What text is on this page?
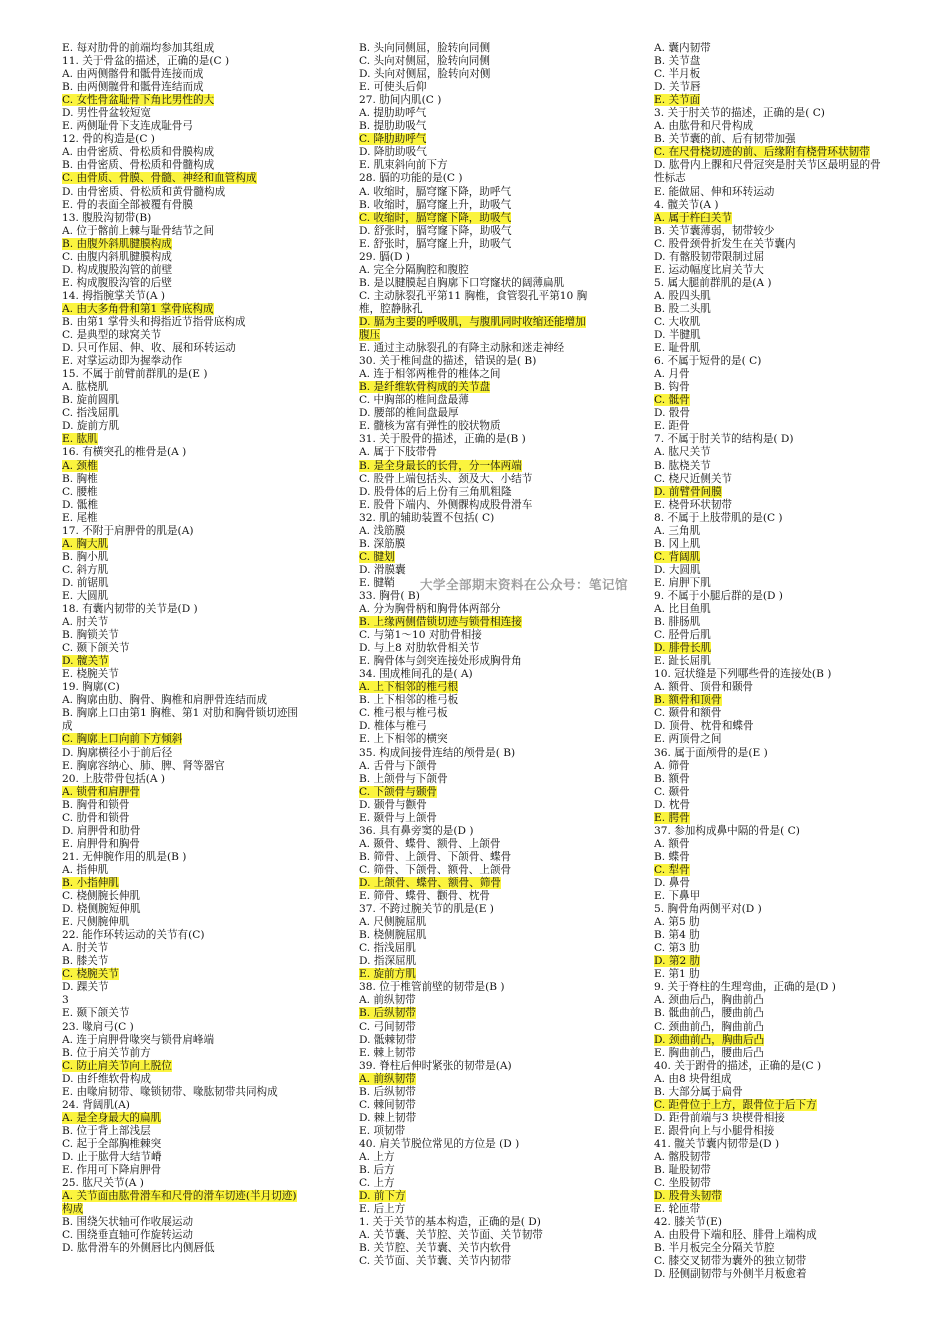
E. 每对肋骨的前端均参加其组成
11. 关于骨盆的描述，正确的是(C )
A. 由两侧髂骨和骶骨连接而成
B. 由两侧髋骨和骶骨连结而成
C. 女性骨盆耻骨下角比男性的大
D. 男性骨盆较短宽
E. 两侧耻骨下支连成耻骨弓
12. 骨的构造是(C )
A. 由骨密质、骨松质和骨膜构成
B. 由骨密质、骨松质和骨髓构成
C. 由骨质、骨膜、骨髓、神经和血管构成
D. 由骨密质、骨松质和黄骨髓构成
E. 骨的表面全部被覆有骨膜
13. 腹股沟韧带(B)
A. 位于髂前上棘与耻骨结节之间
B. 由腹外斜肌腱膜构成
C. 由腹内斜肌腱膜构成
D. 构成腹股沟管的前壁
E. 构成腹股沟管的后壁
14. 拇指腕掌关节(A )
A. 由大多角骨和第1 掌骨底构成
B. 由第1 掌骨头和拇指近节指骨底构成
C. 是典型的球窝关节
D. 只可作屈、伸、收、展和环转运动
E. 对掌运动即为握拳动作
15. 不属于前臂前群肌的是(E )
A. 肱桡肌
B. 旋前圆肌
C. 指浅屈肌
D. 旋前方肌
E. 肱肌
16. 有横突孔的椎骨是(A )
A. 颈椎
B. 胸椎
C. 腰椎
D. 骶椎
E. 尾椎
17. 不附于肩胛骨的肌是(A)
A. 胸大肌
B. 胸小肌
C. 斜方肌
D. 前锯肌
E. 大圆肌
18. 有囊内韧带的关节是(D )
A. 肘关节
B. 胸锁关节
C. 颞下颌关节
D. 髋关节
E. 桡腕关节
19. 胸廓(C)
A. 胸廓由肋、胸骨、胸椎和肩胛骨连结而成
B. 胸廓上口由第1 胸椎、第1 对肋和胸骨锁切迹围成
C. 胸廓上口向前下方倾斜
D. 胸廓横径小于前后径
E. 胸廓容纳心、肺、脾、肾等器官
20. 上肢带骨包括(A )
A. 锁骨和肩胛骨
B. 胸骨和锁骨
C. 肋骨和锁骨
D. 肩胛骨和肋骨
E. 肩胛骨和胸骨
21. 无伸腕作用的肌是(B )
A. 指伸肌
B. 小指伸肌
C. 桡侧腕长伸肌
D. 桡侧腕短伸肌
E. 尺侧腕伸肌
22. 能作环转运动的关节有(C)
A. 肘关节
B. 膝关节
C. 桡腕关节
D. 踝关节
3
E. 颞下颌关节
23. 喙肩弓(C )
A. 连于肩胛骨喙突与锁骨肩峰端
B. 位于肩关节前方
C. 防止肩关节向上脱位
D. 由纤维软骨构成
E. 由喙肩韧带、喙锁韧带、喙肱韧带共同构成
24. 背阔肌(A)
A. 是全身最大的扁肌
B. 位于背上部浅层
C. 起于全部胸椎棘突
D. 止于肱骨大结节嵴
E. 作用可下降肩胛骨
25. 肱尺关节(A )
A. 关节面由肱骨滑车和尺骨的滑车切迹(半月切迹)构成
B. 围绕矢状轴可作收展运动
C. 围绕垂直轴可作旋转运动
D. 肱骨滑车的外侧唇比内侧唇低
B. 头向同侧屈，脸转向同侧
C. 头向对侧屈，脸转向同侧
D. 头向对侧屈，脸转向对侧
E. 可使头后仰
27. 肋间内肌(C )
A. 提肋助呼气
B. 提肋助吸气
C. 降肋助呼气
D. 降肋助吸气
E. 肌束斜向前下方
28. 膈的功能的是(C )
A. 收缩时，膈穹窿下降，助呼气
B. 收缩时，膈穹窿上升，助吸气
C. 收缩时，膈穹窿下降，助吸气
D. 舒张时，膈穹窿下降，助吸气
E. 舒张时，膈穹窿上升，助吸气
29. 膈(D )
A. 完全分隔胸腔和腹腔
B. 是以腱膜起自胸廓下口穹窿状的阔薄扁肌
C. 主动脉裂孔平第11 胸椎，食管裂孔平第10 胸椎，腔静脉孔
D. 膈为主要的呼吸肌，与腹肌同时收缩还能增加腹压
E. 通过主动脉裂孔的有降主动脉和迷走神经
30. 关于椎间盘的描述，错误的是( B)
A. 连于相邻两椎骨的椎体之间
B. 是纤维软骨构成的关节盘
C. 中胸部的椎间盘最薄
D. 腰部的椎间盘最厚
E. 髓核为富有弹性的胶状物质
31. 关于股骨的描述，正确的是(B )
A. 属于下肢带骨
B. 是全身最长的长骨，分一体两端
C. 股骨上端包括头、颈及大、小结节
D. 股骨体的后上份有三角肌粗隆
E. 股骨下端内、外侧髁构成股骨滑车
32. 肌的辅助装置不包括( C)
A. 浅筋膜
B. 深筋膜
C. 腱划
D. 滑膜囊
E. 腱鞘
33. 胸骨( B)
A. 分为胸骨柄和胸骨体两部分
B. 上缘两侧借锁切迹与锁骨相连接
C. 与第1～10 对肋骨相接
D. 与上8 对肋软骨相关节
E. 胸骨体与剑突连接处形成胸骨角
34. 围成椎间孔的是( A)
A. 上下相邻的椎弓根
B. 上下相邻的椎弓板
C. 椎弓根与椎弓板
D. 椎体与椎弓
E. 上下相邻的横突
35. 构成间接骨连结的颅骨是( B)
A. 舌骨与下颌骨
B. 上颌骨与下颌骨
C. 下颌骨与颞骨
D. 颞骨与颧骨
E. 颞骨与上颌骨
36. 具有鼻旁窦的是(D )
A. 颞骨、蝶骨、额骨、上颌骨
B. 筛骨、上颌骨、下颌骨、蝶骨
C. 筛骨、下颌骨、额骨、上颌骨
D. 上颌骨、蝶骨、额骨、筛骨
E. 筛骨、蝶骨、颧骨、枕骨
37. 不跨过腕关节的肌是(E )
A. 尺侧腕屈肌
B. 桡侧腕屈肌
C. 指浅屈肌
D. 指深屈肌
E. 旋前方肌
38. 位于椎管前壁的韧带是(B )
A. 前纵韧带
B. 后纵韧带
C. 弓间韧带
D. 骶棘韧带
E. 棘上韧带
39. 脊柱后伸时紧张的韧带是(A)
A. 前纵韧带
B. 后纵韧带
C. 棘间韧带
D. 棘上韧带
E. 项韧带
40. 肩关节脱位常见的方位是 (D )
A. 上方
B. 后方
C. 上方
D. 前下方
E. 后上方
1. 关于关节的基本构造，正确的是( D)
A. 关节囊、关节腔、关节面、关节韧带
B. 关节腔、关节囊、关节内软骨
C. 关节面、关节囊、关节内韧带
A. 囊内韧带
B. 关节盘
C. 半月板
D. 关节唇
E. 关节面
3. 关于肘关节的描述，正确的是( C)
A. 由肱骨和尺骨构成
B. 关节囊的前、后有韧带加强
C. 在尺骨桡切迹的前、后缘附有桡骨环状韧带
D. 肱骨内上髁和尺骨冠突是肘关节区最明显的骨性标志
E. 能做屈、伸和环转运动
4. 髋关节(A )
A. 属于杵臼关节
B. 关节囊薄弱，韧带较少
C. 股骨颈骨折发生在关节囊内
D. 有髂股韧带限制过屈
E. 运动幅度比肩关节大
5. 属大腿前群肌的是(A )
A. 股四头肌
B. 股二头肌
C. 大收肌
D. 半腱肌
E. 耻骨肌
6. 不属于短骨的是( C)
A. 月骨
B. 钩骨
C. 骶骨
D. 骰骨
E. 距骨
7. 不属于肘关节的结构是( D)
A. 肱尺关节
B. 肱桡关节
C. 桡尺近侧关节
D. 前臂骨间膜
E. 桡骨环状韧带
8. 不属于上肢带肌的是(C )
A. 三角肌
B. 冈上肌
C. 背阔肌
D. 大圆肌
E. 肩胛下肌
9. 不属于小腿后群的是(D )
A. 比目鱼肌
B. 腓肠肌
C. 胫骨后肌
D. 腓骨长肌
E. 趾长屈肌
10. 冠状缝是下列哪些骨的连接处(B )
A. 额骨、顶骨和颞骨
B. 额骨和顶骨
C. 颞骨和额骨
D. 顶骨、枕骨和蝶骨
E. 两顶骨之间
36. 属于面颅骨的是(E )
A. 筛骨
B. 额骨
C. 颞骨
D. 枕骨
E. 腭骨
37. 参加构成鼻中隔的骨是( C)
A. 额骨
B. 蝶骨
C. 犁骨
D. 鼻骨
E. 下鼻甲
5. 胸骨角两侧平对(D )
A. 第5 肋
B. 第4 肋
C. 第3 肋
D. 第2 肋
E. 第1 肋
9. 关于脊柱的生理弯曲，正确的是(D )
A. 颈曲后凸，胸曲前凸
B. 骶曲前凸，腰曲前凸
C. 颈曲前凸，胸曲前凸
D. 颈曲前凸，胸曲后凸
E. 胸曲前凸，腰曲后凸
40. 关于跗骨的描述，正确的是(C )
A. 由8 块骨组成
B. 大部分属于扁骨
C. 距骨位于上方，跟骨位于后下方
D. 距骨前端与3 块楔骨相接
E. 跟骨向上与小腿骨相接
41. 髋关节囊内韧带是(D )
A. 髂股韧带
B. 耻股韧带
C. 坐股韧带
D. 股骨头韧带
E. 轮匝带
42. 膝关节(E)
A. 由股骨下端和胫、腓骨上端构成
B. 半月板完全分隔关节腔
C. 膝交叉韧带为囊外的独立韧带
D. 胫侧副韧带与外侧半月板愈着
大学全部期末资料在公众号：笔记馆
